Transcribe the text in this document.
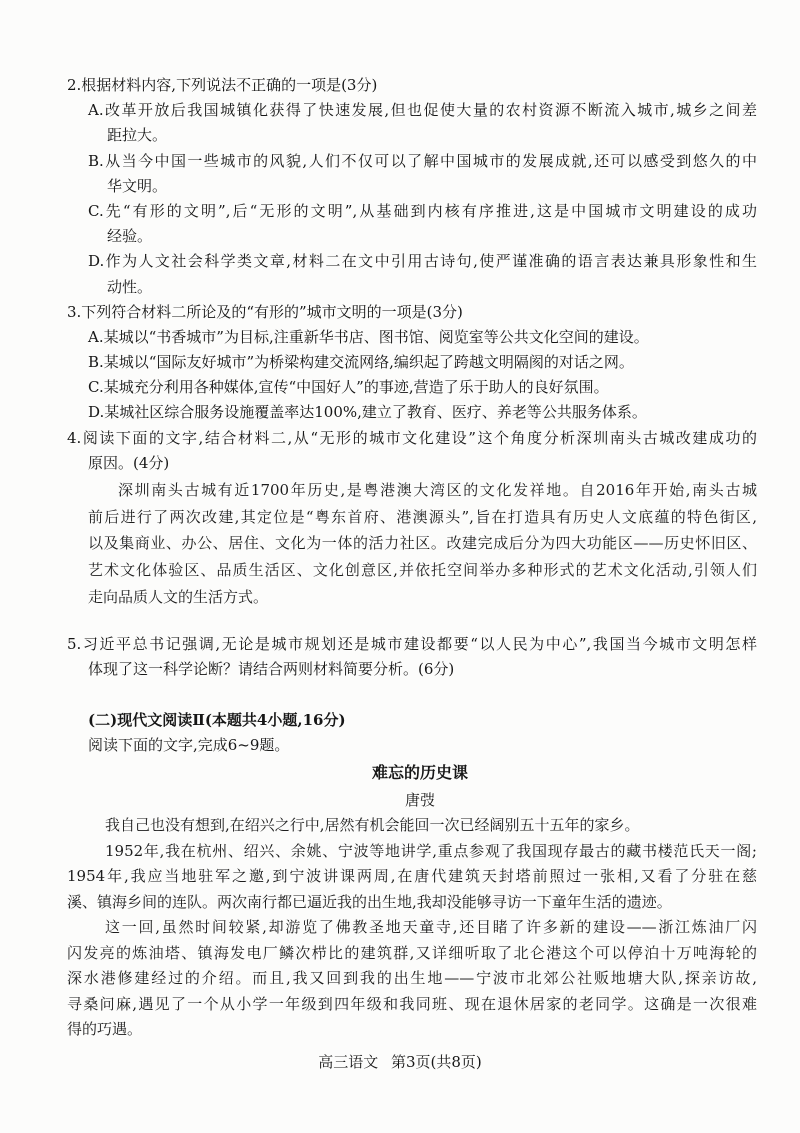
2.根据材料内容,下列说法不正确的一项是(3分)
A.改革开放后我国城镇化获得了快速发展,但也促使大量的农村资源不断流入城市,城乡之间差
距拉大。
B.从当今中国一些城市的风貌,人们不仅可以了解中国城市的发展成就,还可以感受到悠久的中
华文明。
C.先“有形的文明”,后“无形的文明”,从基础到内核有序推进,这是中国城市文明建设的成功
经验。
D.作为人文社会科学类文章,材料二在文中引用古诗句,使严谨准确的语言表达兼具形象性和生
动性。
3.下列符合材料二所论及的“有形的”城市文明的一项是(3分)
A.某城以“书香城市”为目标,注重新华书店、图书馆、阅览室等公共文化空间的建设。
B.某城以“国际友好城市”为桥梁构建交流网络,编织起了跨越文明隔阂的对话之网。
C.某城充分利用各种媒体,宣传“中国好人”的事迹,营造了乐于助人的良好氛围。
D.某城社区综合服务设施覆盖率达100%,建立了教育、医疗、养老等公共服务体系。
4.阅读下面的文字,结合材料二,从“无形的城市文化建设”这个角度分析深圳南头古城改建成功的
原因。(4分)
深圳南头古城有近1700年历史,是粤港澳大湾区的文化发祥地。自2016年开始,南头古城
前后进行了两次改建,其定位是“粤东首府、港澳源头”,旨在打造具有历史人文底蕴的特色街区,
以及集商业、办公、居住、文化为一体的活力社区。改建完成后分为四大功能区——历史怀旧区、
艺术文化体验区、品质生活区、文化创意区,并依托空间举办多种形式的艺术文化活动,引领人们
走向品质人文的生活方式。
5.习近平总书记强调,无论是城市规划还是城市建设都要“以人民为中心”,我国当今城市文明怎样
体现了这一科学论断？请结合两则材料简要分析。(6分)
(二)现代文阅读Ⅱ(本题共4小题,16分)
阅读下面的文字,完成6~9题。
难忘的历史课
唐弢
我自己也没有想到,在绍兴之行中,居然有机会能回一次已经阔别五十五年的家乡。
1952年,我在杭州、绍兴、余姚、宁波等地讲学,重点参观了我国现存最古的藏书楼范氏天一阁;
1954年,我应当地驻军之邀,到宁波讲课两周,在唐代建筑天封塔前照过一张相,又看了分驻在慈
溪、镇海乡间的连队。两次南行都已逼近我的出生地,我却没能够寻访一下童年生活的遗迹。
这一回,虽然时间较紧,却游览了佛教圣地天童寺,还目睹了许多新的建设——浙江炼油厂闪
闪发亮的炼油塔、镇海发电厂鳞次栉比的建筑群,又详细听取了北仑港这个可以停泊十万吨海轮的
深水港修建经过的介绍。而且,我又回到我的出生地——宁波市北郊公社贩地塘大队,探亲访故,
寻桑问麻,遇见了一个从小学一年级到四年级和我同班、现在退休居家的老同学。这确是一次很难
得的巧遇。
高三语文 第3页(共8页)
